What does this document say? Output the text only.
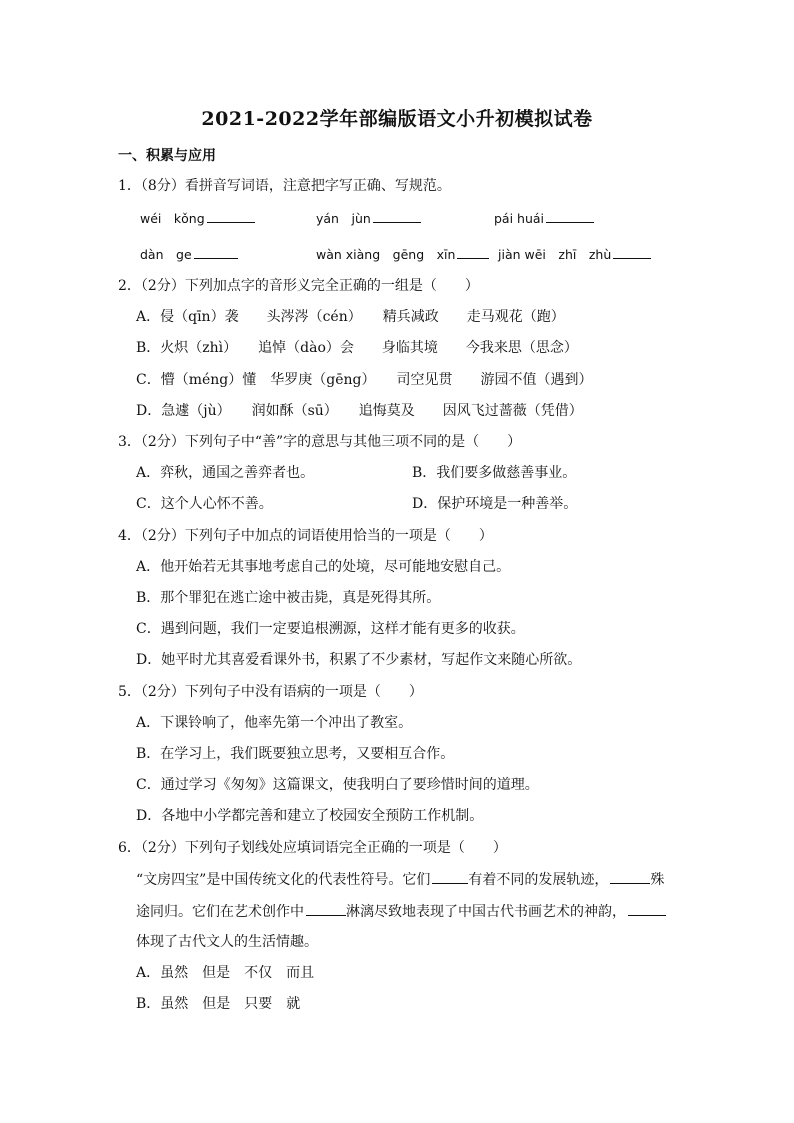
2021-2022学年部编版语文小升初模拟试卷
一、积累与应用
1．（8分）看拼音写词语，注意把字写正确、写规范。
wéi　kǒng	yán　jùn	pái huái
dàn　ge	wàn xiàng　gēng　xīn	jiàn wēi　zhī　zhù
2．（2分）下列加点字的音形义完全正确的一组是（　　）
A．侵（qīn）袭　　头涔涔（cén）　　精兵减政　　走马观花（跑）
B．火炽（zhì）　　追悼（dào）会　　身临其境　　今我来思（思念）
C．懵（méng）懂　华罗庚（gēng）　　司空见贯　　游园不值（遇到）
D．急遽（jù）　　润如酥（sū）　　追悔莫及　　因风飞过蔷薇（凭借）
3．（2分）下列句子中“善”字的意思与其他三项不同的是（　　）
A．弈秋，通国之善弈者也。	B．我们要多做慈善事业。
C．这个人心怀不善。	D．保护环境是一种善举。
4．（2分）下列句子中加点的词语使用恰当的一项是（　　）
A．他开始若无其事地考虑自己的处境，尽可能地安慰自己。
B．那个罪犯在逃亡途中被击毙，真是死得其所。
C．遇到问题，我们一定要追根溯源，这样才能有更多的收获。
D．她平时尤其喜爱看课外书，积累了不少素材，写起作文来随心所欲。
5．（2分）下列句子中没有语病的一项是（　　）
A．下课铃响了，他率先第一个冲出了教室。
B．在学习上，我们既要独立思考，又要相互合作。
C．通过学习《匆匆》这篇课文，使我明白了要珍惜时间的道理。
D．各地中小学都完善和建立了校园安全预防工作机制。
6．（2分）下列句子划线处应填词语完全正确的一项是（　　）
“文房四宝”是中国传统文化的代表性符号。它们	有着不同的发展轨迹，	殊
途同归。它们在艺术创作中	淋漓尽致地表现了中国古代书画艺术的神韵，
体现了古代文人的生活情趣。
A．虽然　但是　不仅　而且
B．虽然　但是　只要　就
